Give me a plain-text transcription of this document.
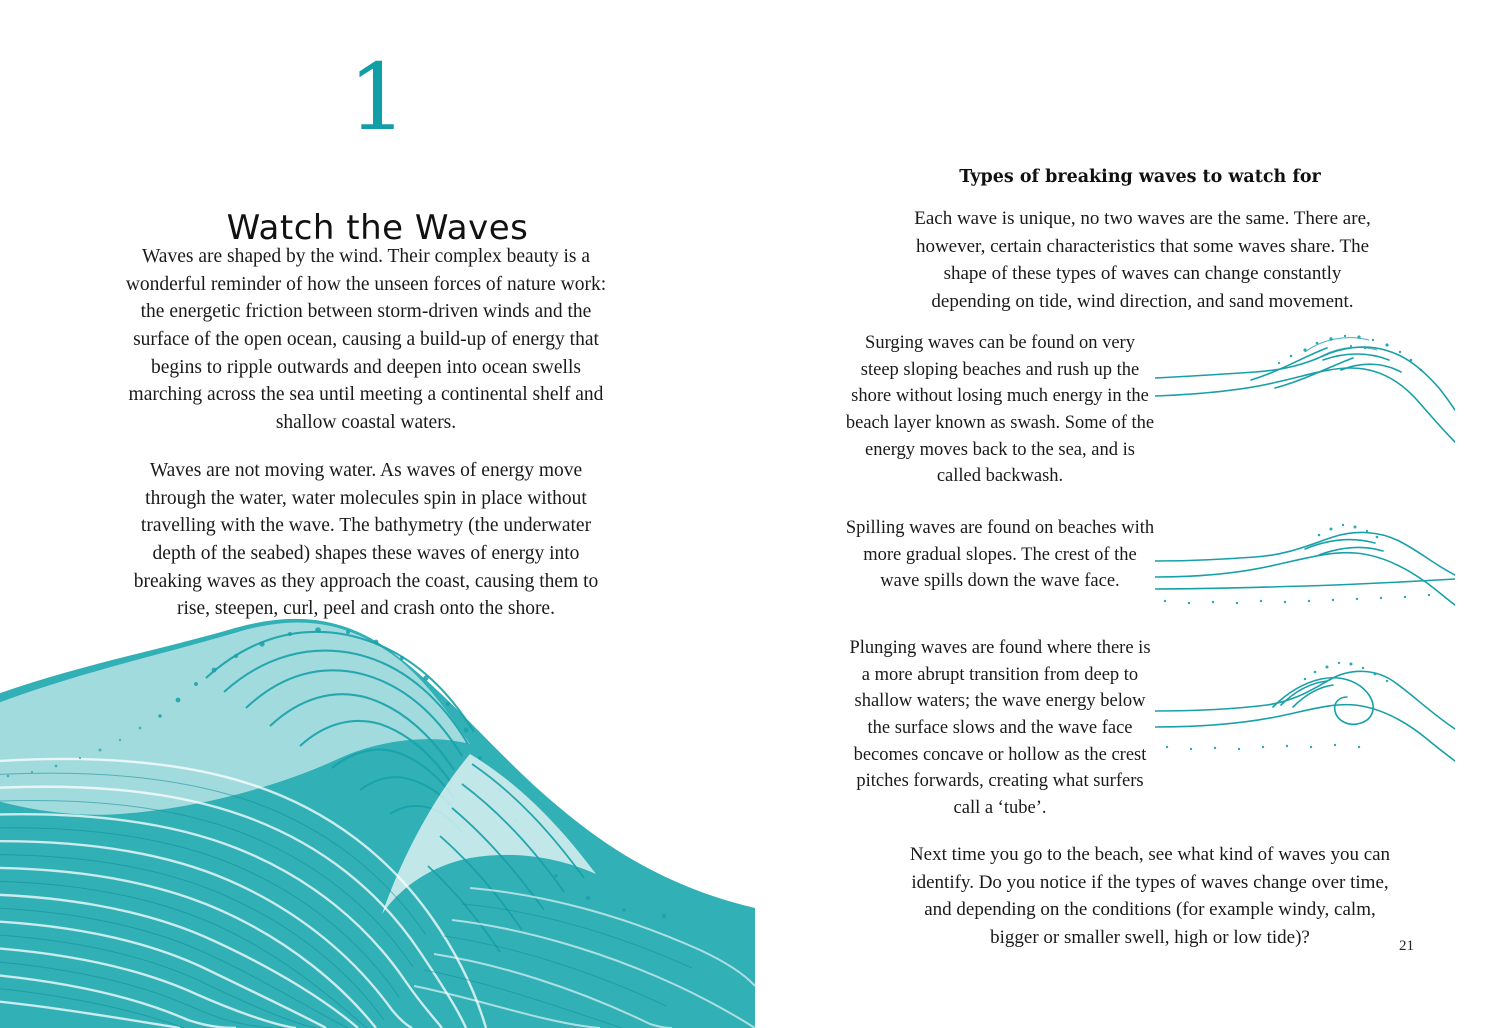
1
Watch the Waves

Waves are shaped by the wind. Their complex beauty is a wonderful reminder of how the unseen forces of nature work: the energetic friction between storm-driven winds and the surface of the open ocean, causing a build-up of energy that begins to ripple outwards and deepen into ocean swells marching across the sea until meeting a continental shelf and shallow coastal waters.

Waves are not moving water. As waves of energy move through the water, water molecules spin in place without travelling with the wave. The bathymetry (the underwater depth of the seabed) shapes these waves of energy into breaking waves as they approach the coast, causing them to rise, steepen, curl, peel and crash onto the shore.

Types of breaking waves to watch for

Each wave is unique, no two waves are the same. There are, however, certain characteristics that some waves share. The shape of these types of waves can change constantly depending on tide, wind direction, and sand movement.

Surging waves can be found on very steep sloping beaches and rush up the shore without losing much energy in the beach layer known as swash. Some of the energy moves back to the sea, and is called backwash.
Spilling waves are found on beaches with more gradual slopes. The crest of the wave spills down the wave face.
Plunging waves are found where there is a more abrupt transition from deep to shallow waters; the wave energy below the surface slows and the wave face becomes concave or hollow as the crest pitches forwards, creating what surfers call a ‘tube’.

Next time you go to the beach, see what kind of waves you can identify. Do you notice if the types of waves change over time, and depending on the conditions (for example windy, calm, bigger or smaller swell, high or low tide)?	21
